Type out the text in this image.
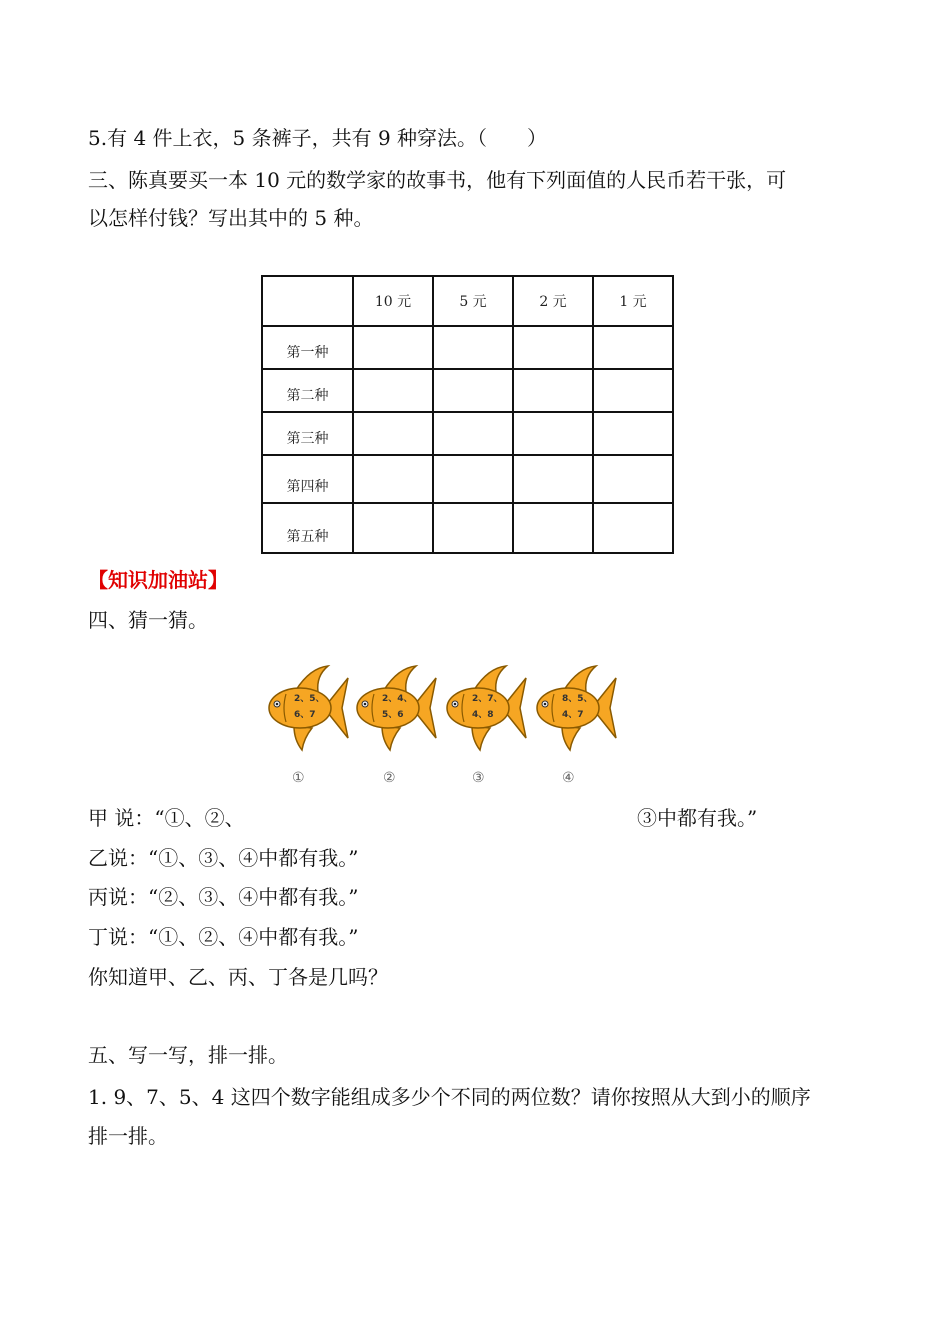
5.有 4 件上衣，5 条裤子，共有 9 种穿法。（　　）
三、陈真要买一本 10 元的数学家的故事书，他有下列面值的人民币若干张，可
以怎样付钱？写出其中的 5 种。
	10 元	5 元	2 元	1 元
第一种				
第二种				
第三种				
第四种				
第五种				
【知识加油站】
四、猜一猜。
2、5、
6、7
①
2、4、
5、6
②
2、7、
4、8
③
8、5、
4、7
④
甲 说：“①、②、	③中都有我。”
乙说：“①、③、④中都有我。”
丙说：“②、③、④中都有我。”
丁说：“①、②、④中都有我。”
你知道甲、乙、丙、丁各是几吗？
五、写一写，排一排。
1. 9、7、5、4 这四个数字能组成多少个不同的两位数？请你按照从大到小的顺序
排一排。
